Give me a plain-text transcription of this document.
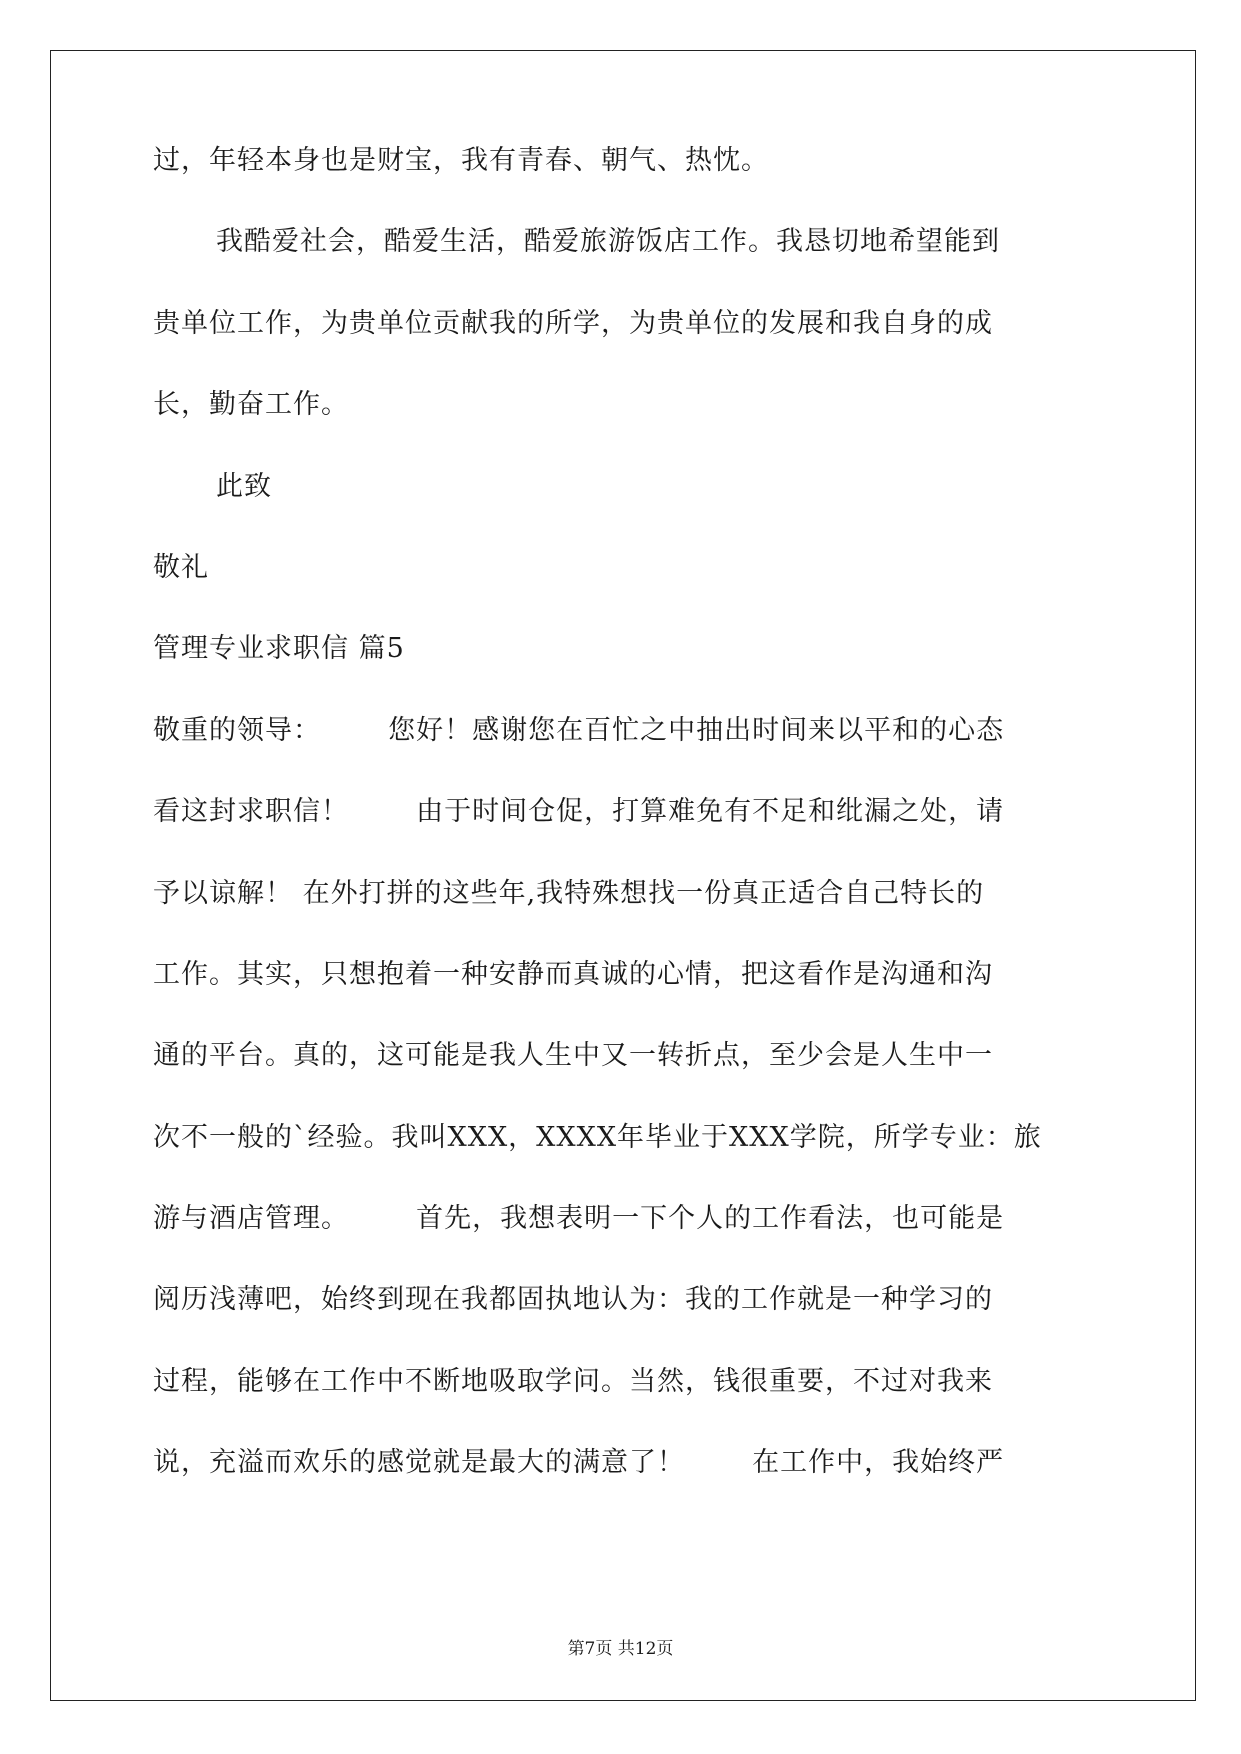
过，年轻本身也是财宝，我有青春、朝气、热忱。
我酷爱社会，酷爱生活，酷爱旅游饭店工作。我恳切地希望能到
贵单位工作，为贵单位贡献我的所学，为贵单位的发展和我自身的成
长，勤奋工作。
此致
敬礼
管理专业求职信 篇5
敬重的领导：       您好！感谢您在百忙之中抽出时间来以平和的心态
看这封求职信！       由于时间仓促，打算难免有不足和纰漏之处，请
予以谅解！ 在外打拼的这些年,我特殊想找一份真正适合自己特长的
工作。其实，只想抱着一种安静而真诚的心情，把这看作是沟通和沟
通的平台。真的，这可能是我人生中又一转折点，至少会是人生中一
次不一般的`经验。我叫XXX，XXXX年毕业于XXX学院，所学专业：旅
游与酒店管理。       首先，我想表明一下个人的工作看法，也可能是
阅历浅薄吧，始终到现在我都固执地认为：我的工作就是一种学习的
过程，能够在工作中不断地吸取学问。当然，钱很重要，不过对我来
说，充溢而欢乐的感觉就是最大的满意了！       在工作中，我始终严
第7页 共12页
